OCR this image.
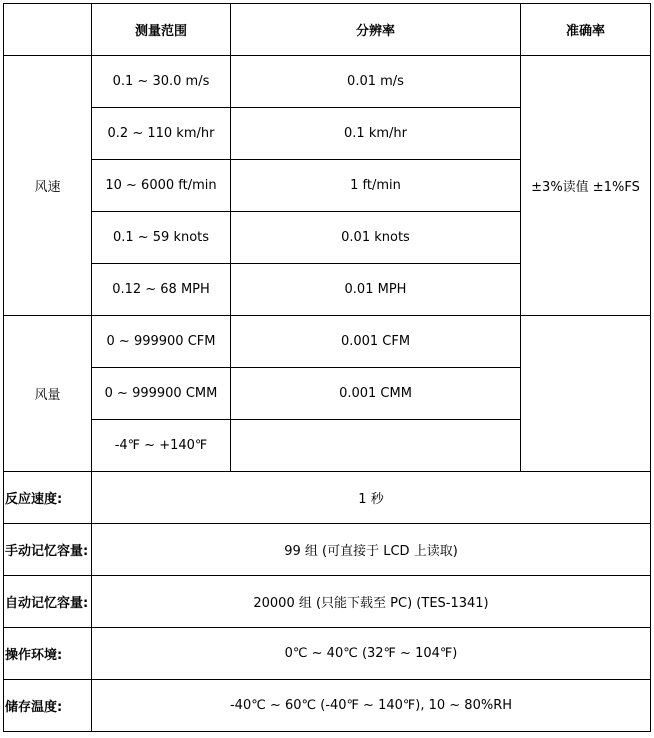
	测量范围	分辨率	准确率
风速	0.1 ~ 30.0 m/s	0.01 m/s	±3%读值 ±1%FS
	0.2 ~ 110 km/hr	0.1 km/hr	
	10 ~ 6000 ft/min	1 ft/min	
	0.1 ~ 59 knots	0.01 knots	
	0.12 ~ 68 MPH	0.01 MPH	
风量	0 ~ 999900 CFM	0.001 CFM	
	0 ~ 999900 CMM	0.001 CMM	
	-4℉ ~ +140℉		
反应速度:	1 秒		
手动记忆容量:	99 组 (可直接于 LCD 上读取)		
自动记忆容量:	20000 组 (只能下载至 PC) (TES-1341)		
操作环境:	0℃ ~ 40℃ (32℉ ~ 104℉)		
储存温度:	-40℃ ~ 60℃ (-40℉ ~ 140℉), 10 ~ 80%RH		
